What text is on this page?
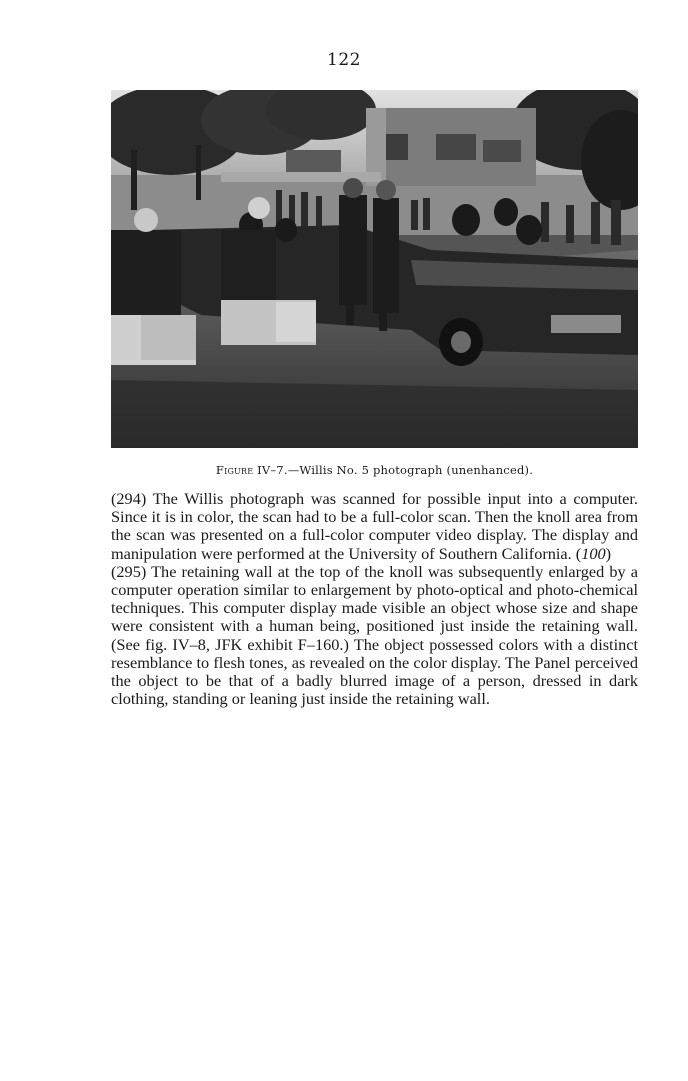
122
Figure IV–7.—Willis No. 5 photograph (unenhanced).

(294) The Willis photograph was scanned for possible input into a computer. Since it is in color, the scan had to be a full-color scan. Then the knoll area from the scan was presented on a full-color computer video display. The display and manipulation were performed at the University of Southern California. (100)

(295) The retaining wall at the top of the knoll was subsequently enlarged by a computer operation similar to enlargement by photo-optical and photo-chemical techniques. This computer display made visible an object whose size and shape were consistent with a human being, positioned just inside the retaining wall. (See fig. IV–8, JFK exhibit F–160.) The object possessed colors with a distinct resemblance to flesh tones, as revealed on the color display. The Panel perceived the object to be that of a badly blurred image of a person, dressed in dark clothing, standing or leaning just inside the retaining wall.
